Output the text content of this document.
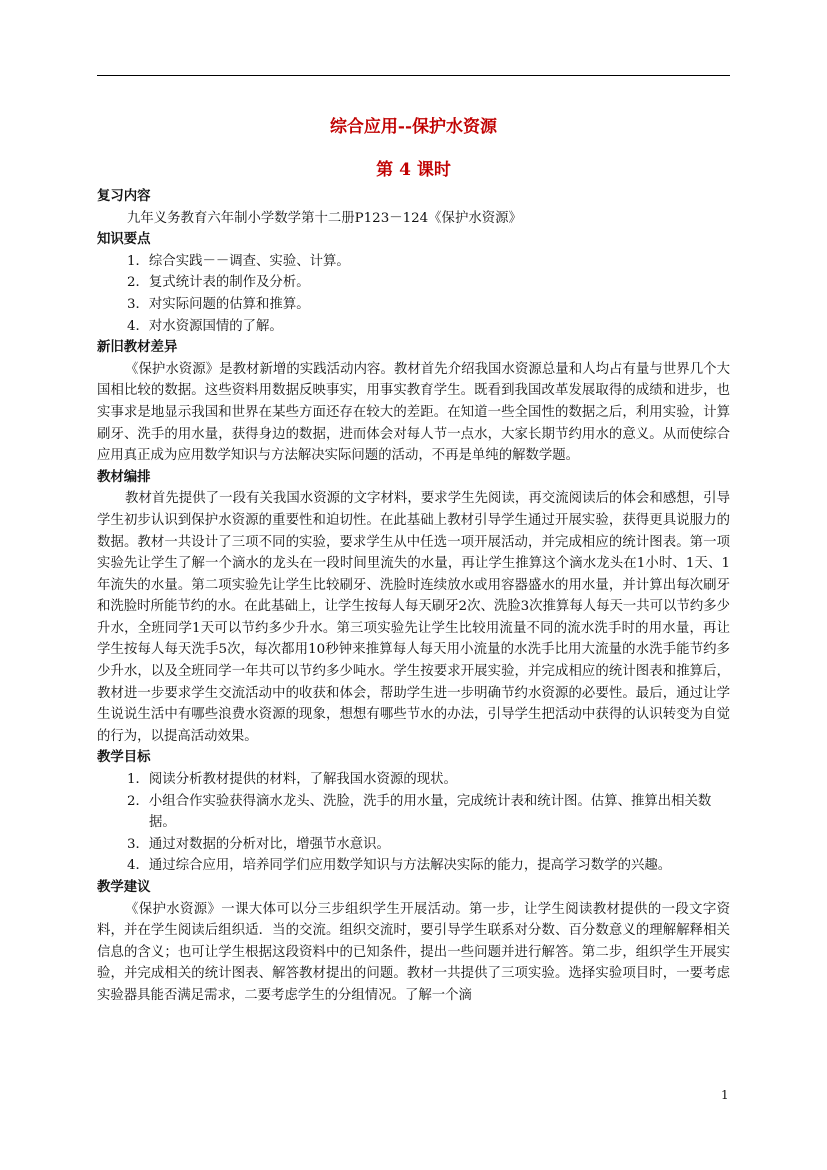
综合应用--保护水资源
第 4 课时
复习内容
九年义务教育六年制小学数学第十二册P123－124《保护水资源》
知识要点
1．综合实践－－调查、实验、计算。
2．复式统计表的制作及分析。
3．对实际问题的估算和推算。
4．对水资源国情的了解。
新旧教材差异
《保护水资源》是教材新增的实践活动内容。教材首先介绍我国水资源总量和人均占有量与世界几个大国相比较的数据。这些资料用数据反映事实，用事实教育学生。既看到我国改革发展取得的成绩和进步，也实事求是地显示我国和世界在某些方面还存在较大的差距。在知道一些全国性的数据之后，利用实验，计算刷牙、洗手的用水量，获得身边的数据，进而体会对每人节一点水，大家长期节约用水的意义。从而使综合应用真正成为应用数学知识与方法解决实际问题的活动，不再是单纯的解数学题。
教材编排
教材首先提供了一段有关我国水资源的文字材料，要求学生先阅读，再交流阅读后的体会和感想，引导学生初步认识到保护水资源的重要性和迫切性。在此基础上教材引导学生通过开展实验，获得更具说服力的数据。教材一共设计了三项不同的实验，要求学生从中任选一项开展活动，并完成相应的统计图表。第一项实验先让学生了解一个滴水的龙头在一段时间里流失的水量，再让学生推算这个滴水龙头在1小时、1天、1年流失的水量。第二项实验先让学生比较刷牙、洗脸时连续放水或用容器盛水的用水量，并计算出每次刷牙和洗脸时所能节约的水。在此基础上，让学生按每人每天刷牙2次、洗脸3次推算每人每天一共可以节约多少升水，全班同学1天可以节约多少升水。第三项实验先让学生比较用流量不同的流水洗手时的用水量，再让学生按每人每天洗手5次，每次都用10秒钟来推算每人每天用小流量的水洗手比用大流量的水洗手能节约多少升水，以及全班同学一年共可以节约多少吨水。学生按要求开展实验，并完成相应的统计图表和推算后，教材进一步要求学生交流活动中的收获和体会，帮助学生进一步明确节约水资源的必要性。最后，通过让学生说说生活中有哪些浪费水资源的现象，想想有哪些节水的办法，引导学生把活动中获得的认识转变为自觉的行为，以提高活动效果。
教学目标
1．阅读分析教材提供的材料，了解我国水资源的现状。
2．小组合作实验获得滴水龙头、洗脸，洗手的用水量，完成统计表和统计图。估算、推算出相关数据。
3．通过对数据的分析对比，增强节水意识。
4．通过综合应用，培养同学们应用数学知识与方法解决实际的能力，提高学习数学的兴趣。
教学建议
《保护水资源》一课大体可以分三步组织学生开展活动。第一步，让学生阅读教材提供的一段文字资料，并在学生阅读后组织适．当的交流。组织交流时，要引导学生联系对分数、百分数意义的理解解释相关信息的含义；也可让学生根据这段资料中的已知条件，提出一些问题并进行解答。第二步，组织学生开展实验，并完成相关的统计图表、解答教材提出的问题。教材一共提供了三项实验。选择实验项目时，一要考虑实验器具能否满足需求，二要考虑学生的分组情况。了解一个滴
1
